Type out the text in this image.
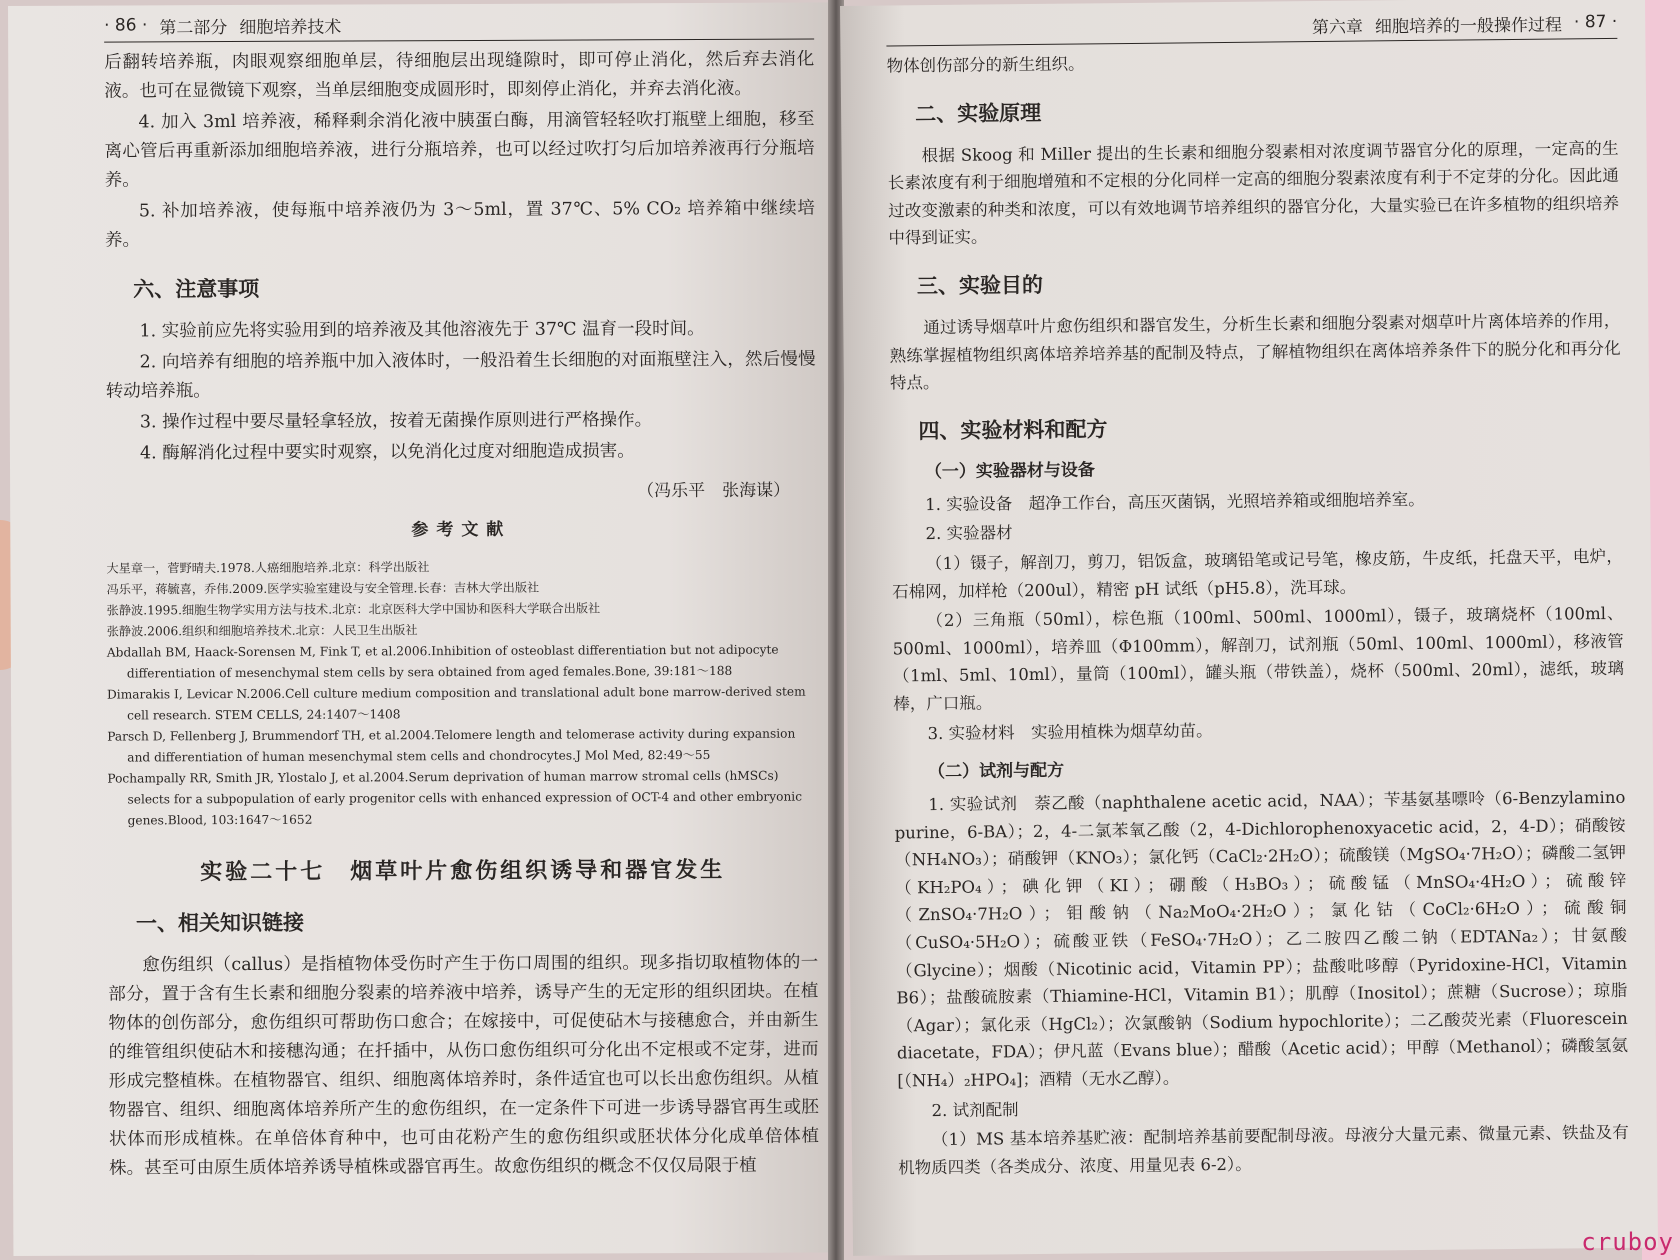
· 86 · 第二部分 细胞培养技术

后翻转培养瓶，肉眼观察细胞单层，待细胞层出现缝隙时，即可停止消化，然后弃去消化液。也可在显微镜下观察，当单层细胞变成圆形时，即刻停止消化，并弃去消化液。

4. 加入 3ml 培养液，稀释剩余消化液中胰蛋白酶，用滴管轻轻吹打瓶壁上细胞，移至离心管后再重新添加细胞培养液，进行分瓶培养，也可以经过吹打匀后加培养液再行分瓶培养。

5. 补加培养液，使每瓶中培养液仍为 3～5ml，置 37℃、5% CO₂ 培养箱中继续培养。

六、注意事项

1. 实验前应先将实验用到的培养液及其他溶液先于 37℃ 温育一段时间。

2. 向培养有细胞的培养瓶中加入液体时，一般沿着生长细胞的对面瓶壁注入，然后慢慢转动培养瓶。

3. 操作过程中要尽量轻拿轻放，按着无菌操作原则进行严格操作。

4. 酶解消化过程中要实时观察，以免消化过度对细胞造成损害。

（冯乐平　张海谋）
参考文献

大星章一，菅野晴夫.1978.人癌细胞培养.北京：科学出版社

冯乐平，蒋毓喜，乔伟.2009.医学实验室建设与安全管理.长春：吉林大学出版社

张静波.1995.细胞生物学实用方法与技术.北京：北京医科大学中国协和医科大学联合出版社

张静波.2006.组织和细胞培养技术.北京：人民卫生出版社

Abdallah BM, Haack-Sorensen M, Fink T, et al.2006.Inhibition of osteoblast differentiation but not adipocyte differentiation of mesenchymal stem cells by sera obtained from aged females.Bone, 39:181～188

Dimarakis I, Levicar N.2006.Cell culture medium composition and translational adult bone marrow-derived stem cell research. STEM CELLS, 24:1407～1408

Parsch D, Fellenberg J, Brummendorf TH, et al.2004.Telomere length and telomerase activity during expansion and differentiation of human mesenchymal stem cells and chondrocytes.J Mol Med, 82:49～55

Pochampally RR, Smith JR, Ylostalo J, et al.2004.Serum deprivation of human marrow stromal cells (hMSCs) selects for a subpopulation of early progenitor cells with enhanced expression of OCT-4 and other embryonic genes.Blood, 103:1647～1652

实验二十七　烟草叶片愈伤组织诱导和器官发生
一、相关知识链接

愈伤组织（callus）是指植物体受伤时产生于伤口周围的组织。现多指切取植物体的一部分，置于含有生长素和细胞分裂素的培养液中培养，诱导产生的无定形的组织团块。在植物体的创伤部分，愈伤组织可帮助伤口愈合；在嫁接中，可促使砧木与接穗愈合，并由新生的维管组织使砧木和接穗沟通；在扦插中，从伤口愈伤组织可分化出不定根或不定芽，进而形成完整植株。在植物器官、组织、细胞离体培养时，条件适宜也可以长出愈伤组织。从植物器官、组织、细胞离体培养所产生的愈伤组织，在一定条件下可进一步诱导器官再生或胚状体而形成植株。在单倍体育种中，也可由花粉产生的愈伤组织或胚状体分化成单倍体植株。甚至可由原生质体培养诱导植株或器官再生。故愈伤组织的概念不仅仅局限于植

第六章 细胞培养的一般操作过程 · 87 ·

物体创伤部分的新生组织。

二、实验原理

根据 Skoog 和 Miller 提出的生长素和细胞分裂素相对浓度调节器官分化的原理，一定高的生长素浓度有利于细胞增殖和不定根的分化同样一定高的细胞分裂素浓度有利于不定芽的分化。因此通过改变激素的种类和浓度，可以有效地调节培养组织的器官分化，大量实验已在许多植物的组织培养中得到证实。

三、实验目的

通过诱导烟草叶片愈伤组织和器官发生，分析生长素和细胞分裂素对烟草叶片离体培养的作用，熟练掌握植物组织离体培养培养基的配制及特点，了解植物组织在离体培养条件下的脱分化和再分化特点。

四、实验材料和配方
（一）实验器材与设备

1. 实验设备　超净工作台，高压灭菌锅，光照培养箱或细胞培养室。

2. 实验器材

（1）镊子，解剖刀，剪刀，铝饭盒，玻璃铅笔或记号笔，橡皮筋，牛皮纸，托盘天平，电炉，石棉网，加样枪（200ul），精密 pH 试纸（pH5.8），洗耳球。

（2）三角瓶（50ml），棕色瓶（100ml、500ml、1000ml），镊子，玻璃烧杯（100ml、500ml、1000ml），培养皿（Φ100mm），解剖刀，试剂瓶（50ml、100ml、1000ml），移液管（1ml、5ml、10ml），量筒（100ml），罐头瓶（带铁盖），烧杯（500ml、20ml），滤纸，玻璃棒，广口瓶。

3. 实验材料　实验用植株为烟草幼苗。

（二）试剂与配方

1. 实验试剂　萘乙酸（naphthalene acetic acid，NAA）；苄基氨基嘌呤（6-Benzylamino purine，6-BA）；2，4-二氯苯氧乙酸（2，4-Dichlorophenoxyacetic acid，2，4-D）；硝酸铵（NH₄NO₃）；硝酸钾（KNO₃）；氯化钙（CaCl₂·2H₂O）；硫酸镁（MgSO₄·7H₂O）；磷酸二氢钾（KH₂PO₄）；碘化钾（KI）；硼酸（H₃BO₃）；硫酸锰（MnSO₄·4H₂O）；硫酸锌（ZnSO₄·7H₂O）；钼酸钠（Na₂MoO₄·2H₂O）；氯化钴（CoCl₂·6H₂O）；硫酸铜（CuSO₄·5H₂O）；硫酸亚铁（FeSO₄·7H₂O）；乙二胺四乙酸二钠（EDTANa₂）；甘氨酸（Glycine）；烟酸（Nicotinic acid，Vitamin PP）；盐酸吡哆醇（Pyridoxine-HCl，Vitamin B6）；盐酸硫胺素（Thiamine-HCl，Vitamin B1）；肌醇（Inositol）；蔗糖（Sucrose）；琼脂（Agar）；氯化汞（HgCl₂）；次氯酸钠（Sodium hypochlorite）；二乙酸荧光素（Fluorescein diacetate，FDA）；伊凡蓝（Evans blue）；醋酸（Acetic acid）；甲醇（Methanol）；磷酸氢氨[（NH₄）₂HPO₄]；酒精（无水乙醇）。

2. 试剂配制

（1）MS 基本培养基贮液：配制培养基前要配制母液。母液分大量元素、微量元素、铁盐及有机物质四类（各类成分、浓度、用量见表 6-2）。

cruboy
